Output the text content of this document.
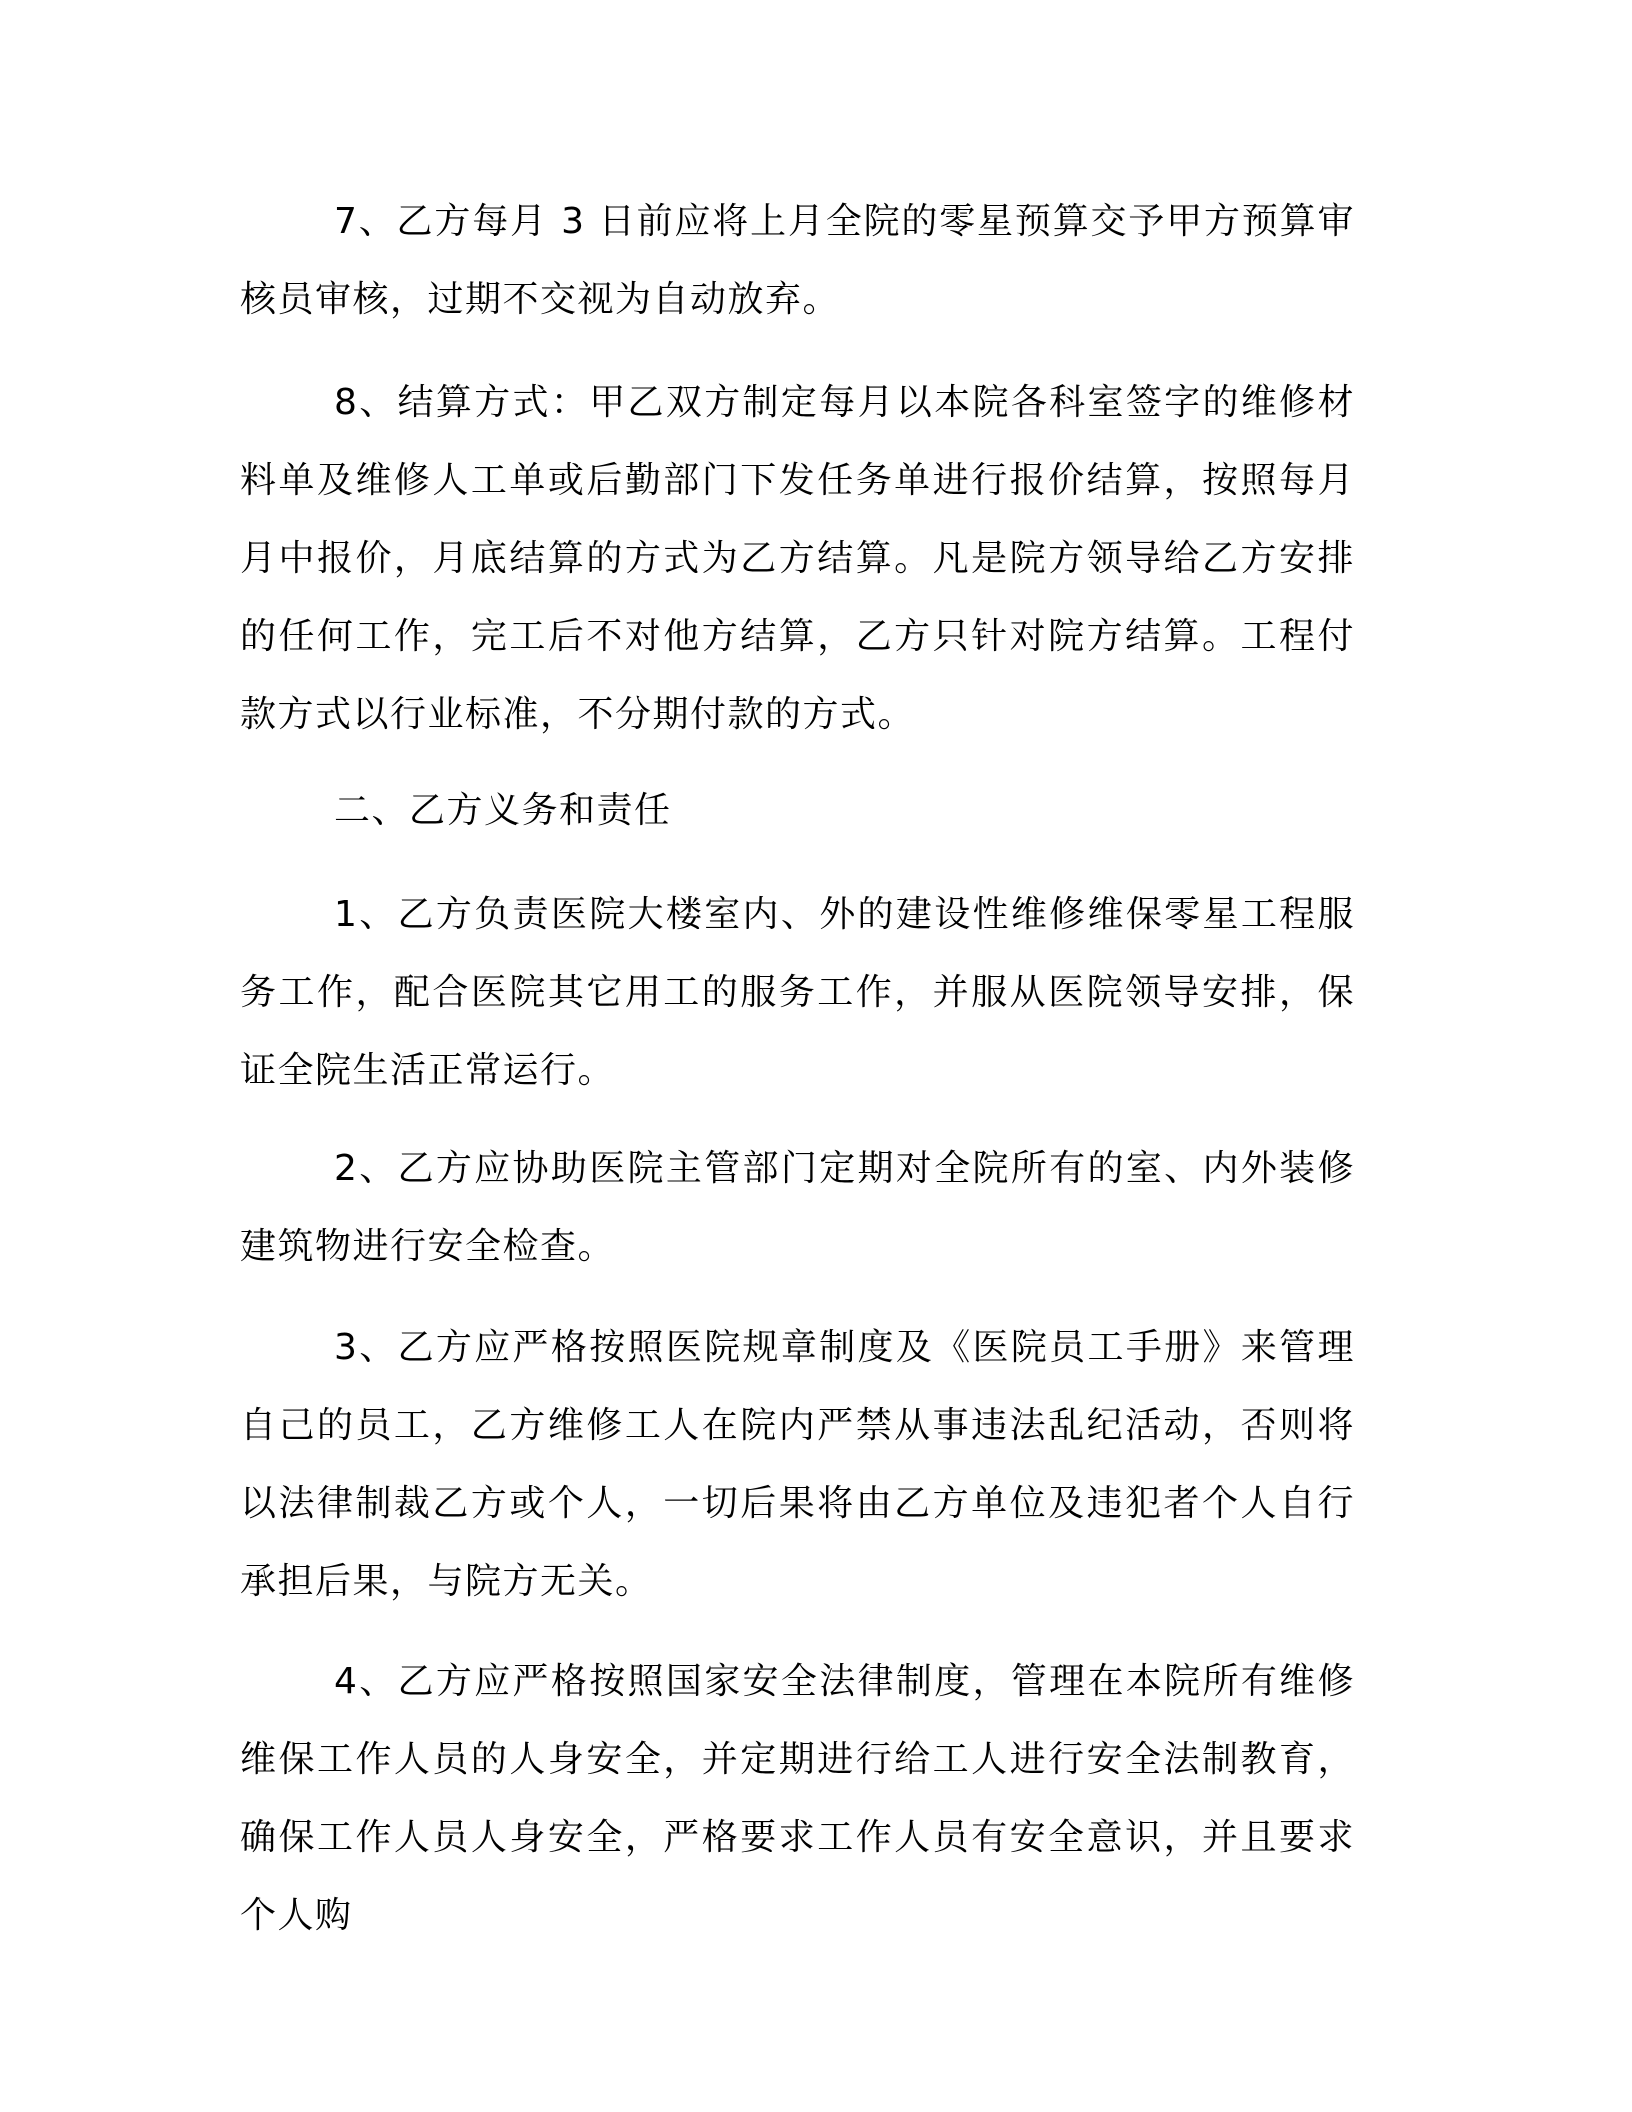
7、乙方每月 3 日前应将上月全院的零星预算交予甲方预算审核员审核，过期不交视为自动放弃。

8、结算方式：甲乙双方制定每月以本院各科室签字的维修材料单及维修人工单或后勤部门下发任务单进行报价结算，按照每月月中报价，月底结算的方式为乙方结算。凡是院方领导给乙方安排的任何工作，完工后不对他方结算，乙方只针对院方结算。工程付款方式以行业标准，不分期付款的方式。

二、乙方义务和责任

1、乙方负责医院大楼室内、外的建设性维修维保零星工程服务工作，配合医院其它用工的服务工作，并服从医院领导安排，保证全院生活正常运行。

2、乙方应协助医院主管部门定期对全院所有的室、内外装修建筑物进行安全检查。

3、乙方应严格按照医院规章制度及《医院员工手册》来管理自己的员工，乙方维修工人在院内严禁从事违法乱纪活动，否则将以法律制裁乙方或个人，一切后果将由乙方单位及违犯者个人自行承担后果，与院方无关。

4、乙方应严格按照国家安全法律制度，管理在本院所有维修维保工作人员的人身安全，并定期进行给工人进行安全法制教育，确保工作人员人身安全，严格要求工作人员有安全意识，并且要求个人购
